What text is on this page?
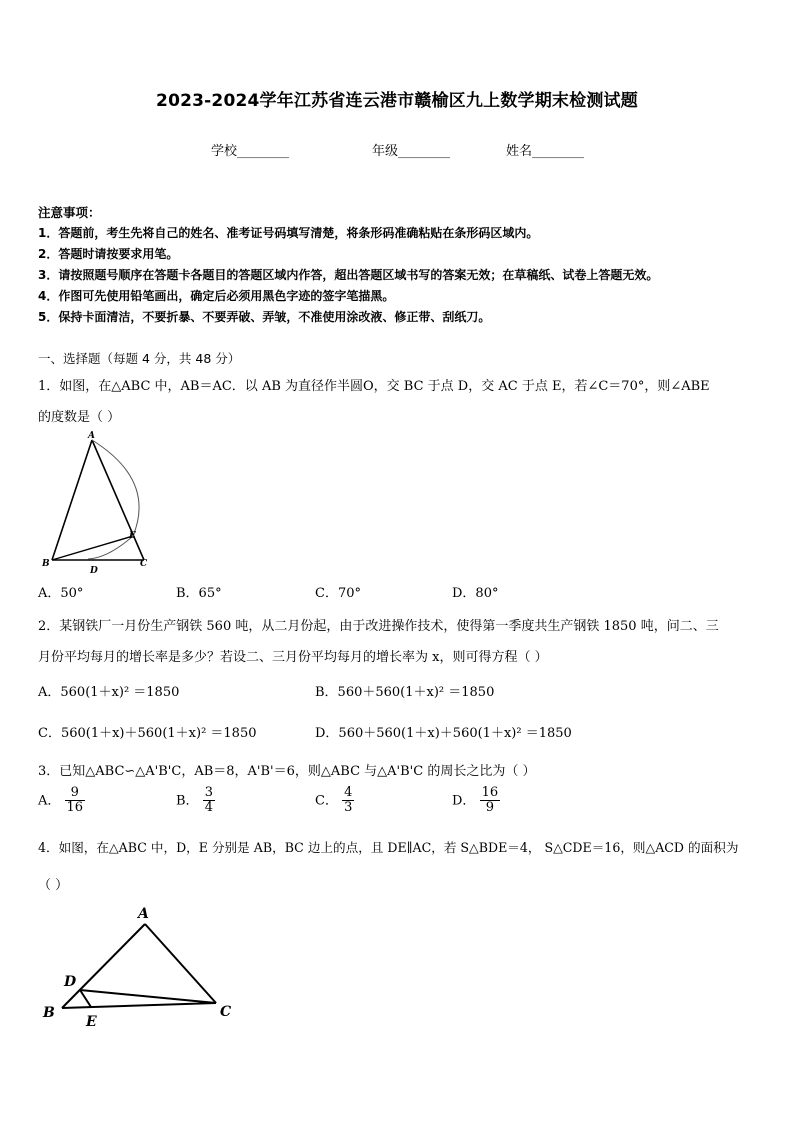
2023-2024学年江苏省连云港市赣榆区九上数学期末检测试题
学校________	年级________	姓名________
注意事项：
1．答题前，考生先将自己的姓名、准考证号码填写清楚，将条形码准确粘贴在条形码区域内。
2．答题时请按要求用笔。
3．请按照题号顺序在答题卡各题目的答题区域内作答，超出答题区域书写的答案无效；在草稿纸、试卷上答题无效。
4．作图可先使用铅笔画出，确定后必须用黑色字迹的签字笔描黑。
5．保持卡面清洁，不要折暴、不要弄破、弄皱，不准使用涂改液、修正带、刮纸刀。
一、选择题（每题 4 分，共 48 分）
1．如图，在△ABC 中，AB＝AC．以 AB 为直径作半圆O，交 BC 于点 D，交 AC 于点 E，若∠C＝70°，则∠ABE
的度数是（ ）
A
B	C
D
E
A．50°	B．65°	C．70°	D．80°
2．某钢铁厂一月份生产钢铁 560 吨，从二月份起，由于改进操作技术，使得第一季度共生产钢铁 1850 吨，问二、三
月份平均每月的增长率是多少？若设二、三月份平均每月的增长率为 x，则可得方程（ ）
A．560(1＋x)² ＝1850	B．560＋560(1＋x)² ＝1850
C．560(1＋x)＋560(1＋x)² ＝1850	D．560＋560(1＋x)＋560(1＋x)² ＝1850
3．已知△ABC∽△A'B'C，AB＝8，A'B'＝6，则△ABC 与△A'B'C 的周长之比为（ ）
A． $\frac{9}{16}$	B． $\frac{3}{4}$	C． $\frac{4}{3}$	D． $\frac{16}{9}$
4．如图，在△ABC 中，D，E 分别是 AB，BC 边上的点，且 DE∥AC，若 S△BDE＝4， S△CDE＝16，则△ACD 的面积为
（ ）
A
B	C
D
E
